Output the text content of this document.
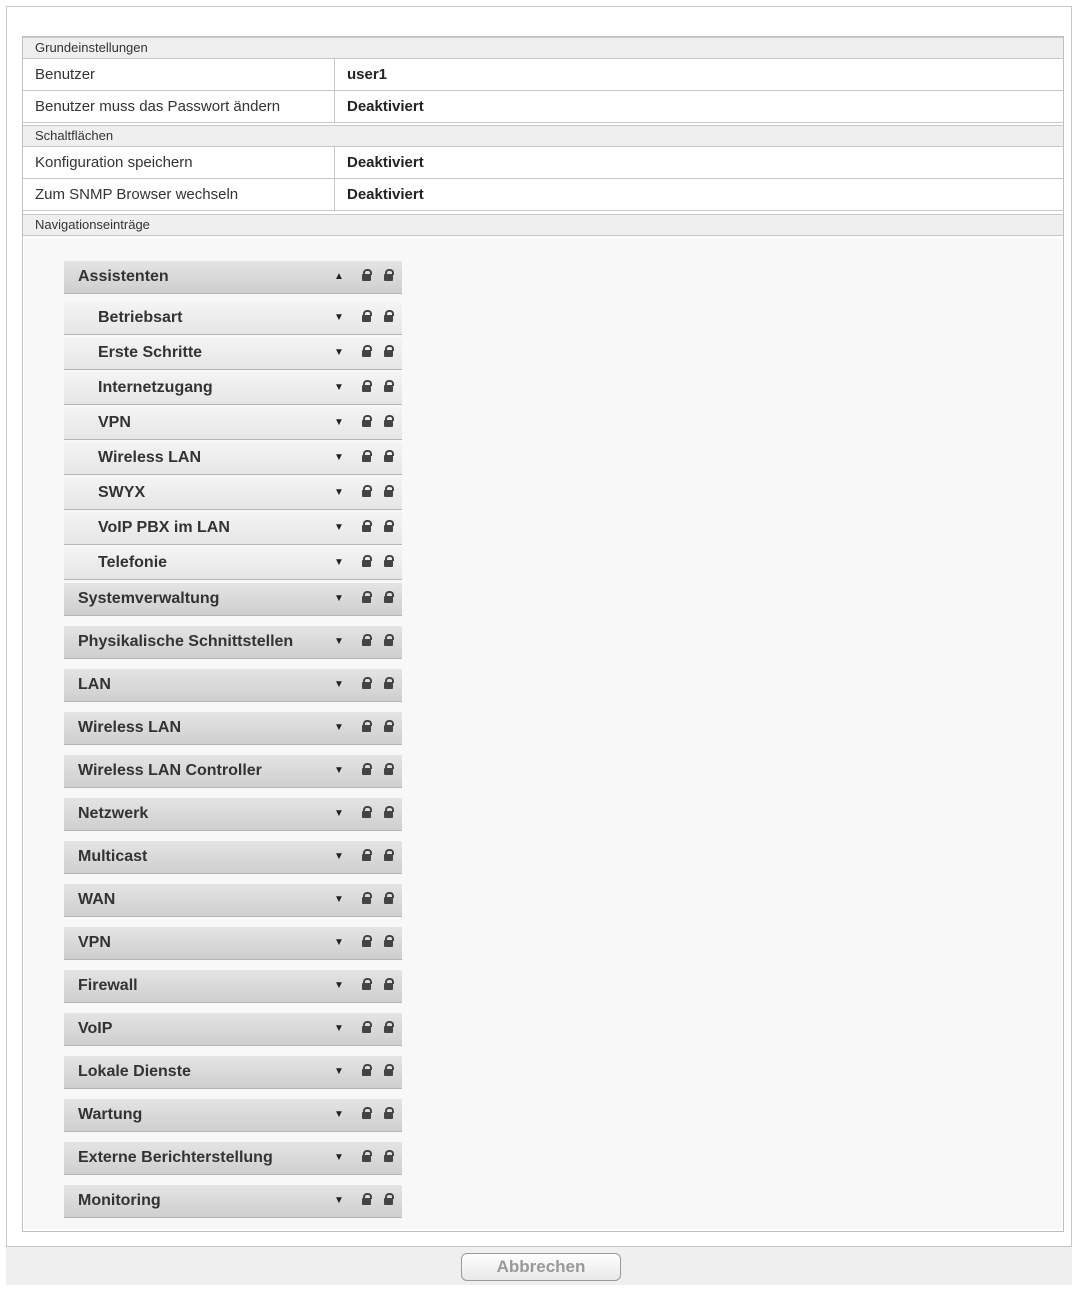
Grundeinstellungen
Benutzer	user1
Benutzer muss das Passwort ändern	Deaktiviert
Schaltflächen
Konfiguration speichern	Deaktiviert
Zum SNMP Browser wechseln	Deaktiviert
Navigationseinträge
Assistenten	▲
Betriebsart	▼
Erste Schritte	▼
Internetzugang	▼
VPN	▼
Wireless LAN	▼
SWYX	▼
VoIP PBX im LAN	▼
Telefonie	▼
Systemverwaltung	▼
Physikalische Schnittstellen	▼
LAN	▼
Wireless LAN	▼
Wireless LAN Controller	▼
Netzwerk	▼
Multicast	▼
WAN	▼
VPN	▼
Firewall	▼
VoIP	▼
Lokale Dienste	▼
Wartung	▼
Externe Berichterstellung	▼
Monitoring	▼
Abbrechen
